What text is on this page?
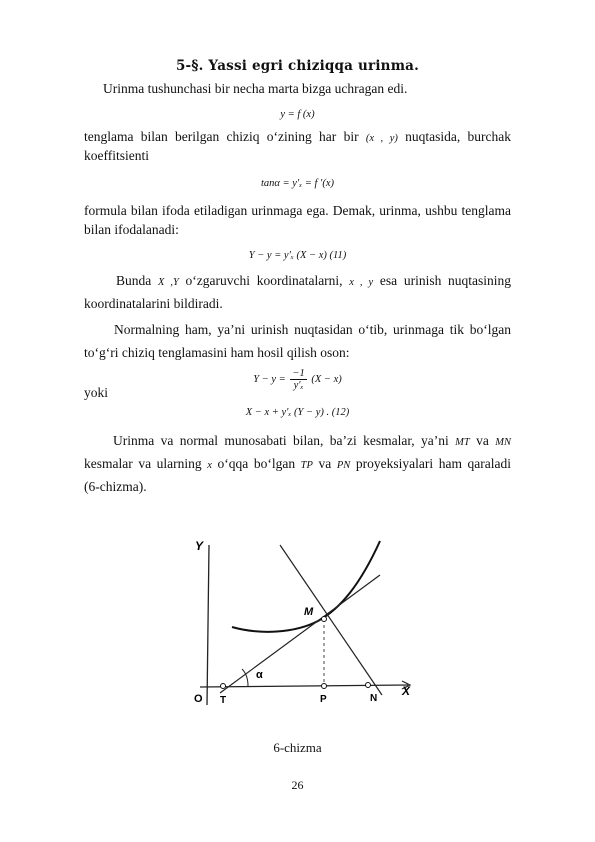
5-§. Yassi egri chiziqqa urinma.
Urinma tushunchasi bir necha marta bizga uchragan edi.
y = f (x)
tenglama bilan berilgan chiziq o‘zining har bir (x , y) nuqtasida, burchak
koeffitsienti
tanα = y′ₓ = f ′(x)
formula bilan ifoda etiladigan urinmaga ega. Demak, urinma, ushbu tenglama
bilan ifodalanadi:
Y − y = y′ₓ (X − x) (11)
Bunda X ,Y o‘zgaruvchi koordinatalarni, x , y esa urinish nuqtasining
koordinatalarini bildiradi.
Normalning ham, ya’ni urinish nuqtasidan o‘tib, urinmaga tik bo‘lgan
to‘g‘ri chiziq tenglamasini ham hosil qilish oson:
$Y - y = \frac{-1}{\text{y′ₓ}} (X - x)$
yoki
X − x + y′ₓ (Y − y) . (12)
Urinma va normal munosabati bilan, ba’zi kesmalar, ya’ni MT va MN
kesmalar va ularning x o‘qqa bo‘lgan TP va PN proyeksiyalari ham qaraladi
(6-chizma).
Y
X
O T	P	N
M
α
6-chizma
26
